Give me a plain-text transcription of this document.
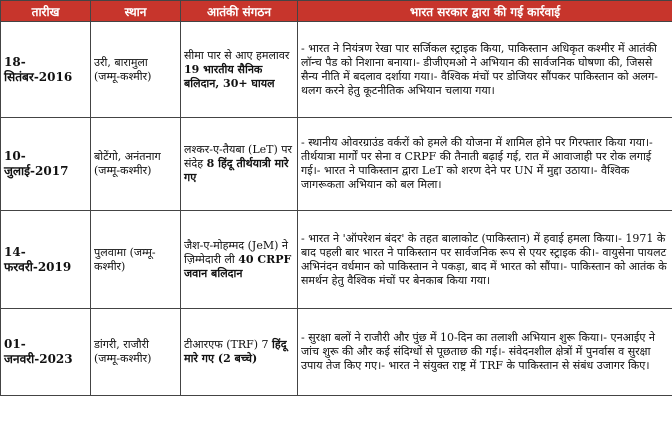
तारीख	स्थान	आतंकी संगठन	भारत सरकार द्वारा की गई कार्रवाई
18-सितंबर-2016	उरी, बारामुला (जम्मू-कश्मीर)	सीमा पार से आए हमलावर 19 भारतीय सैनिक बलिदान, 30+ घायल	- भारत ने नियंत्रण रेखा पार सर्जिकल स्ट्राइक किया, पाकिस्तान अधिकृत कश्मीर में आतंकी लॉन्च पैड को निशाना बनाया।- डीजीएमओ ने अभियान की सार्वजनिक घोषणा की, जिससे सैन्य नीति में बदलाव दर्शाया गया।- वैश्विक मंचों पर डोजियर सौंपकर पाकिस्तान को अलग-थलग करने हेतु कूटनीतिक अभियान चलाया गया।
10-जुलाई-2017	बोटेंगो, अनंतनाग (जम्मू-कश्मीर)	लश्कर-ए-तैयबा (LeT) पर संदेह 8 हिंदू तीर्थयात्री मारे गए	- स्थानीय ओवरग्राउंड वर्करों को हमले की योजना में शामिल होने पर गिरफ्तार किया गया।- तीर्थयात्रा मार्गों पर सेना व CRPF की तैनाती बढ़ाई गई, रात में आवाजाही पर रोक लगाई गई।- भारत ने पाकिस्तान द्वारा LeT को शरण देने पर UN में मुद्दा उठाया।- वैश्विक जागरूकता अभियान को बल मिला।
14-फरवरी-2019	पुलवामा (जम्मू-कश्मीर)	जैश-ए-मोहम्मद (JeM) ने ज़िम्मेदारी ली 40 CRPF जवान बलिदान	- भारत ने 'ऑपरेशन बंदर' के तहत बालाकोट (पाकिस्तान) में हवाई हमला किया।- 1971 के बाद पहली बार भारत ने पाकिस्तान पर सार्वजनिक रूप से एयर स्ट्राइक की।- वायुसेना पायलट अभिनंदन वर्धमान को पाकिस्तान ने पकड़ा, बाद में भारत को सौंपा।- पाकिस्तान को आतंक के समर्थन हेतु वैश्विक मंचों पर बेनकाब किया गया।
01-जनवरी-2023	डांगरी, राजौरी (जम्मू-कश्मीर)	टीआरएफ (TRF) 7 हिंदू मारे गए (2 बच्चे)	- सुरक्षा बलों ने राजौरी और पुंछ में 10-दिन का तलाशी अभियान शुरू किया।- एनआईए ने जांच शुरू की और कई संदिग्धों से पूछताछ की गई।- संवेदनशील क्षेत्रों में पुनर्वास व सुरक्षा उपाय तेज किए गए।- भारत ने संयुक्त राष्ट्र में TRF के पाकिस्तान से संबंध उजागर किए।
